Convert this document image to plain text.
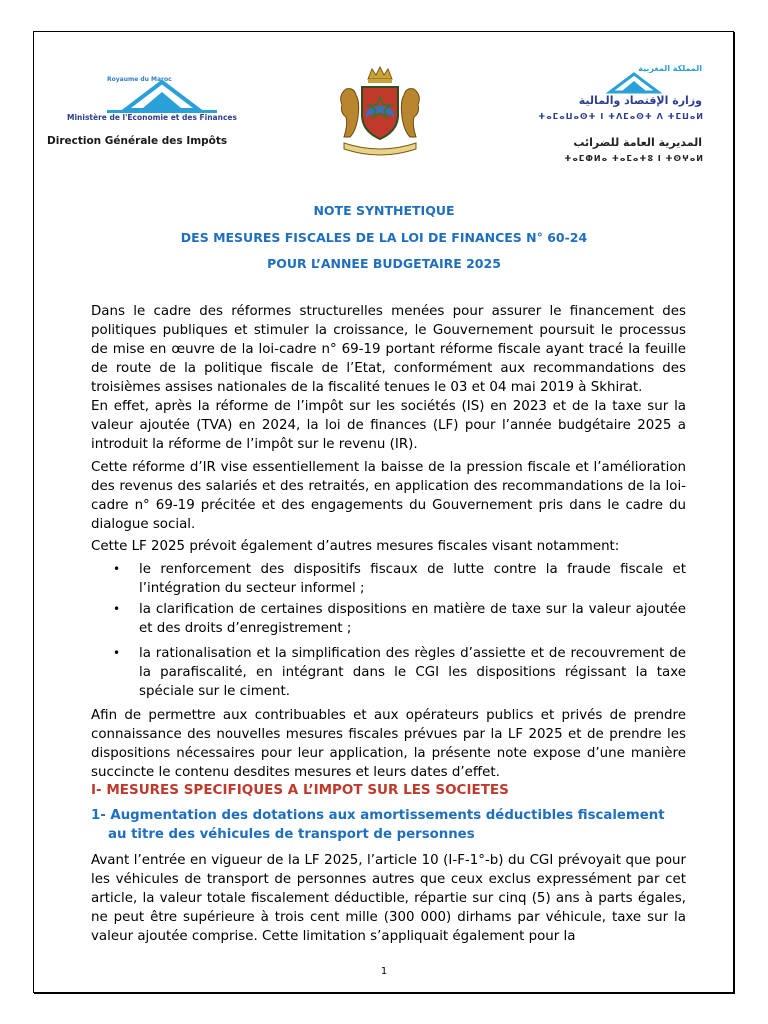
Royaume du Maroc
Ministère de l'Economie et des Finances
Direction Générale des Impôts
المملكة المغربية
وزارة الإقتصاد والمالية
ⵜⴰⵎⴰⵡⴰⵙⵜ ⵏ ⵜⴷⵎⴰⵙⵜ ⴷ ⵜⵎⵡⴰⵍ
المديرية العامة للضرائب
ⵜⴰⵎⵀⵍⴰ ⵜⴰⵎⴰⵜⵓ ⵏ ⵜⵙⵖⴰⵍ
NOTE SYNTHETIQUE
DES MESURES FISCALES DE LA LOI DE FINANCES N° 60-24
POUR L’ANNEE BUDGETAIRE 2025

Dans le cadre des réformes structurelles menées pour assurer le financement des politiques publiques et stimuler la croissance, le Gouvernement poursuit le processus de mise en œuvre de la loi-cadre n° 69-19 portant réforme fiscale ayant tracé la feuille de route de la politique fiscale de l’Etat, conformément aux recommandations des troisièmes assises nationales de la fiscalité tenues le 03 et 04 mai 2019 à Skhirat.

En effet, après la réforme de l’impôt sur les sociétés (IS) en 2023 et de la taxe sur la valeur ajoutée (TVA) en 2024, la loi de finances (LF) pour l’année budgétaire 2025 a introduit la réforme de l’impôt sur le revenu (IR).

Cette réforme d’IR vise essentiellement la baisse de la pression fiscale et l’amélioration des revenus des salariés et des retraités, en application des recommandations de la loi-cadre n° 69-19 précitée et des engagements du Gouvernement pris dans le cadre du dialogue social.

Cette LF 2025 prévoit également d’autres mesures fiscales visant notamment:

• le renforcement des dispositifs fiscaux de lutte contre la fraude fiscale et l’intégration du secteur informel ;

• la clarification de certaines dispositions en matière de taxe sur la valeur ajoutée et des droits d’enregistrement ;

• la rationalisation et la simplification des règles d’assiette et de recouvrement de la parafiscalité, en intégrant dans le CGI les dispositions régissant la taxe spéciale sur le ciment.

Afin de permettre aux contribuables et aux opérateurs publics et privés de prendre connaissance des nouvelles mesures fiscales prévues par la LF 2025 et de prendre les dispositions nécessaires pour leur application, la présente note expose d’une manière succincte le contenu desdites mesures et leurs dates d’effet.

I- MESURES SPECIFIQUES A L’IMPOT SUR LES SOCIETES
1- Augmentation des dotations aux amortissements déductibles fiscalement
au titre des véhicules de transport de personnes

Avant l’entrée en vigueur de la LF 2025, l’article 10 (I-F-1°-b) du CGI prévoyait que pour les véhicules de transport de personnes autres que ceux exclus expressément par cet article, la valeur totale fiscalement déductible, répartie sur cinq (5) ans à parts égales, ne peut être supérieure à trois cent mille (300 000) dirhams par véhicule, taxe sur la valeur ajoutée comprise. Cette limitation s’appliquait également pour la

1
